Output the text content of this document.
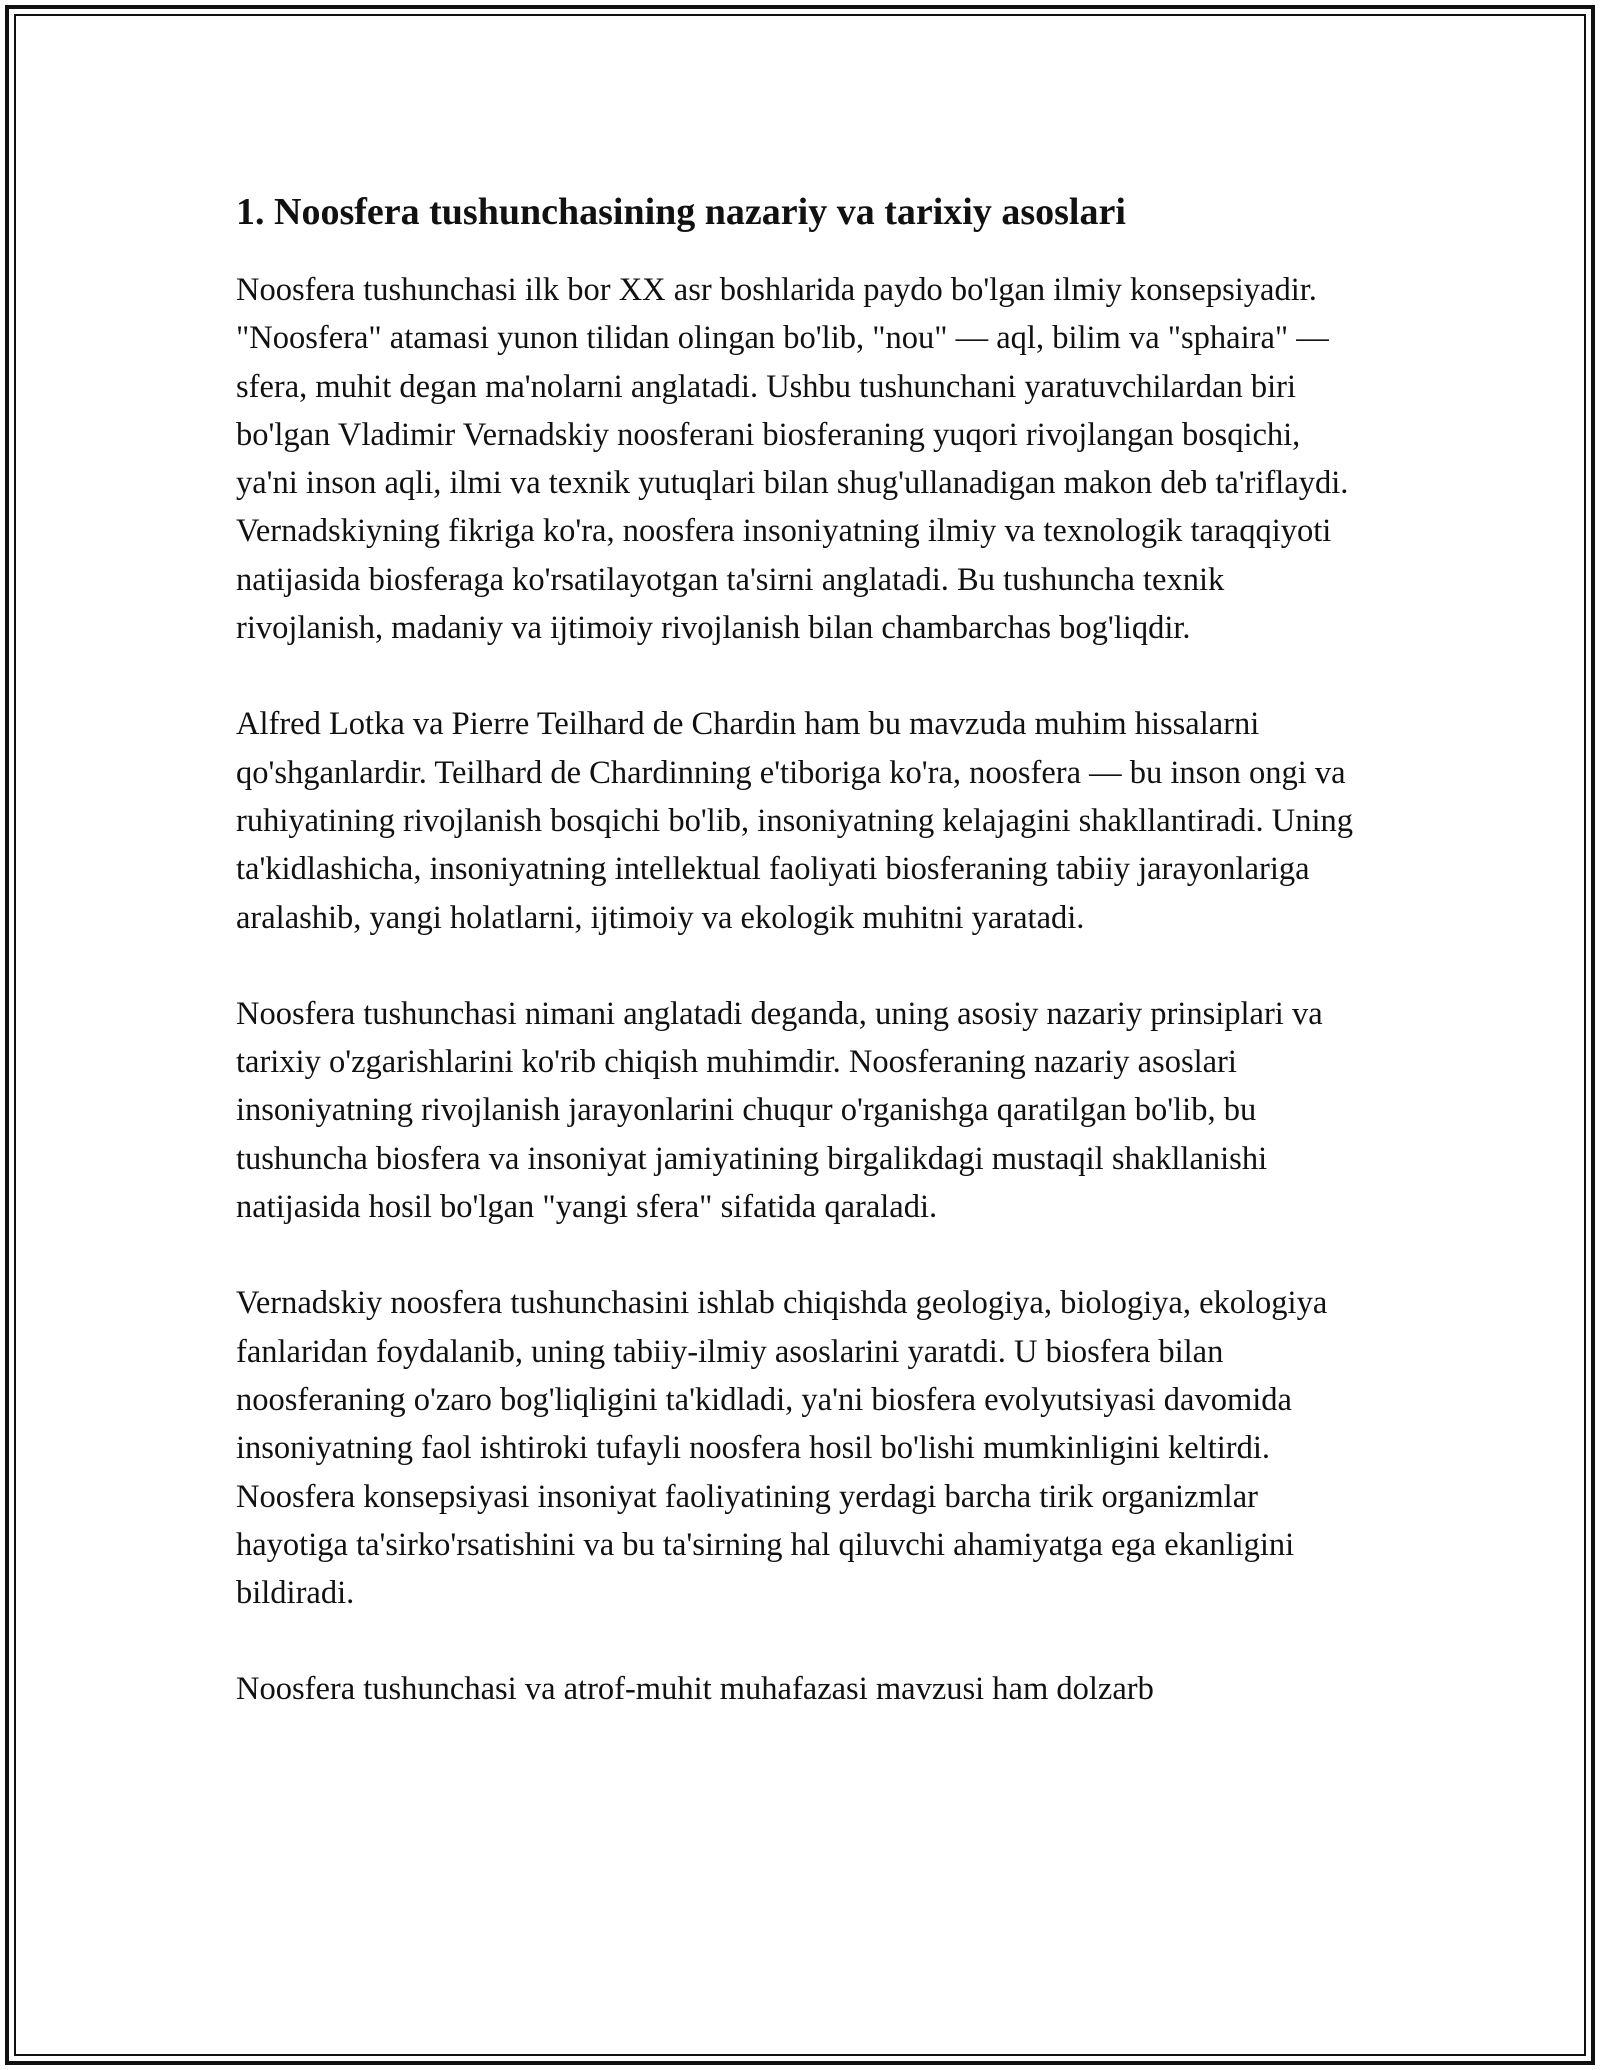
1. Noosfera tushunchasining nazariy va tarixiy asoslari

Noosfera tushunchasi ilk bor XX asr boshlarida paydo bo'lgan ilmiy konsepsiyadir. "Noosfera" atamasi yunon tilidan olingan bo'lib, "nou" — aql, bilim va "sphaira" — sfera, muhit degan ma'nolarni anglatadi. Ushbu tushunchani yaratuvchilardan biri bo'lgan Vladimir Vernadskiy noosferani biosferaning yuqori rivojlangan bosqichi, ya'ni inson aqli, ilmi va texnik yutuqlari bilan shug'ullanadigan makon deb ta'riflaydi. Vernadskiyning fikriga ko'ra, noosfera insoniyatning ilmiy va texnologik taraqqiyoti natijasida biosferaga ko'rsatilayotgan ta'sirni anglatadi. Bu tushuncha texnik rivojlanish, madaniy va ijtimoiy rivojlanish bilan chambarchas bog'liqdir.

Alfred Lotka va Pierre Teilhard de Chardin ham bu mavzuda muhim hissalarni qo'shganlardir. Teilhard de Chardinning e'tiboriga ko'ra, noosfera — bu inson ongi va ruhiyatining rivojlanish bosqichi bo'lib, insoniyatning kelajagini shakllantiradi. Uning ta'kidlashicha, insoniyatning intellektual faoliyati biosferaning tabiiy jarayonlariga aralashib, yangi holatlarni, ijtimoiy va ekologik muhitni yaratadi.

Noosfera tushunchasi nimani anglatadi deganda, uning asosiy nazariy prinsiplari va tarixiy o'zgarishlarini ko'rib chiqish muhimdir. Noosferaning nazariy asoslari insoniyatning rivojlanish jarayonlarini chuqur o'rganishga qaratilgan bo'lib, bu tushuncha biosfera va insoniyat jamiyatining birgalikdagi mustaqil shakllanishi natijasida hosil bo'lgan "yangi sfera" sifatida qaraladi.

Vernadskiy noosfera tushunchasini ishlab chiqishda geologiya, biologiya, ekologiya fanlaridan foydalanib, uning tabiiy-ilmiy asoslarini yaratdi. U biosfera bilan noosferaning o'zaro bog'liqligini ta'kidladi, ya'ni biosfera evolyutsiyasi davomida insoniyatning faol ishtiroki tufayli noosfera hosil bo'lishi mumkinligini keltirdi. Noosfera konsepsiyasi insoniyat faoliyatining yerdagi barcha tirik organizmlar hayotiga ta'sirko'rsatishini va bu ta'sirning hal qiluvchi ahamiyatga ega ekanligini bildiradi.

Noosfera tushunchasi va atrof-muhit muhafazasi mavzusi ham dolzarb
